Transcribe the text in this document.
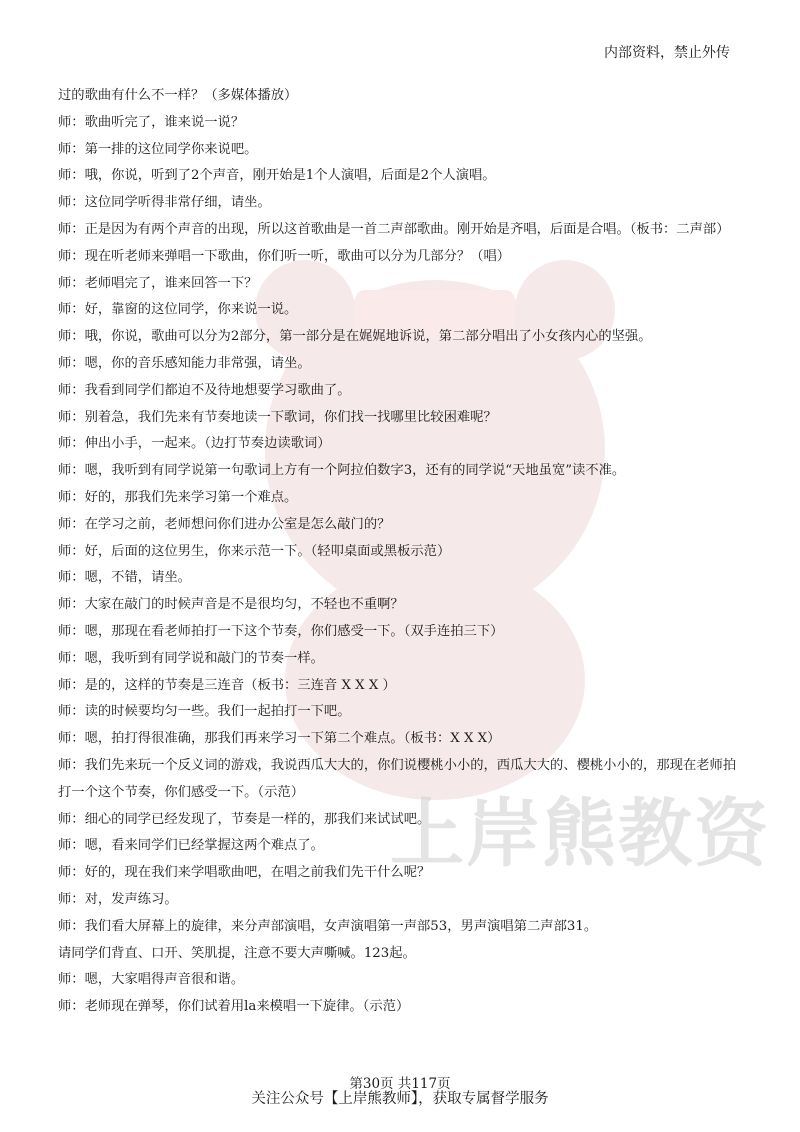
上岸熊教资
内部资料，禁止外传

过的歌曲有什么不一样？（多媒体播放）

师：歌曲听完了，谁来说一说？

师：第一排的这位同学你来说吧。

师：哦，你说，听到了2个声音，刚开始是1个人演唱，后面是2个人演唱。

师：这位同学听得非常仔细，请坐。

师：正是因为有两个声音的出现，所以这首歌曲是一首二声部歌曲。刚开始是齐唱，后面是合唱。（板书：二声部）

师：现在听老师来弹唱一下歌曲，你们听一听，歌曲可以分为几部分？（唱）

师：老师唱完了，谁来回答一下？

师：好，靠窗的这位同学，你来说一说。

师：哦，你说，歌曲可以分为2部分，第一部分是在娓娓地诉说，第二部分唱出了小女孩内心的坚强。

师：嗯，你的音乐感知能力非常强，请坐。

师：我看到同学们都迫不及待地想要学习歌曲了。

师：别着急，我们先来有节奏地读一下歌词，你们找一找哪里比较困难呢？

师：伸出小手，一起来。（边打节奏边读歌词）

师：嗯，我听到有同学说第一句歌词上方有一个阿拉伯数字3，还有的同学说“天地虽宽”读不准。

师：好的，那我们先来学习第一个难点。

师：在学习之前，老师想问你们进办公室是怎么敲门的？

师：好，后面的这位男生，你来示范一下。（轻叩桌面或黑板示范）

师：嗯，不错，请坐。

师：大家在敲门的时候声音是不是很均匀，不轻也不重啊？

师：嗯，那现在看老师拍打一下这个节奏，你们感受一下。（双手连拍三下）

师：嗯，我听到有同学说和敲门的节奏一样。

师：是的，这样的节奏是三连音（板书：三连音 X X X ）

师：读的时候要均匀一些。我们一起拍打一下吧。

师：嗯，拍打得很准确，那我们再来学习一下第二个难点。（板书：X X X）

师：我们先来玩一个反义词的游戏，我说西瓜大大的，你们说樱桃小小的，西瓜大大的、樱桃小小的，那现在老师拍打一个这个节奏，你们感受一下。（示范）

师：细心的同学已经发现了，节奏是一样的，那我们来试试吧。

师：嗯，看来同学们已经掌握这两个难点了。

师：好的，现在我们来学唱歌曲吧，在唱之前我们先干什么呢？

师：对，发声练习。

师：我们看大屏幕上的旋律，来分声部演唱，女声演唱第一声部53，男声演唱第二声部31。

请同学们背直、口开、笑肌提，注意不要大声嘶喊。123起。

师：嗯，大家唱得声音很和谐。

师：老师现在弹琴，你们试着用la来模唱一下旋律。（示范）

第30页 共117页
关注公众号【上岸熊教师】，获取专属督学服务
